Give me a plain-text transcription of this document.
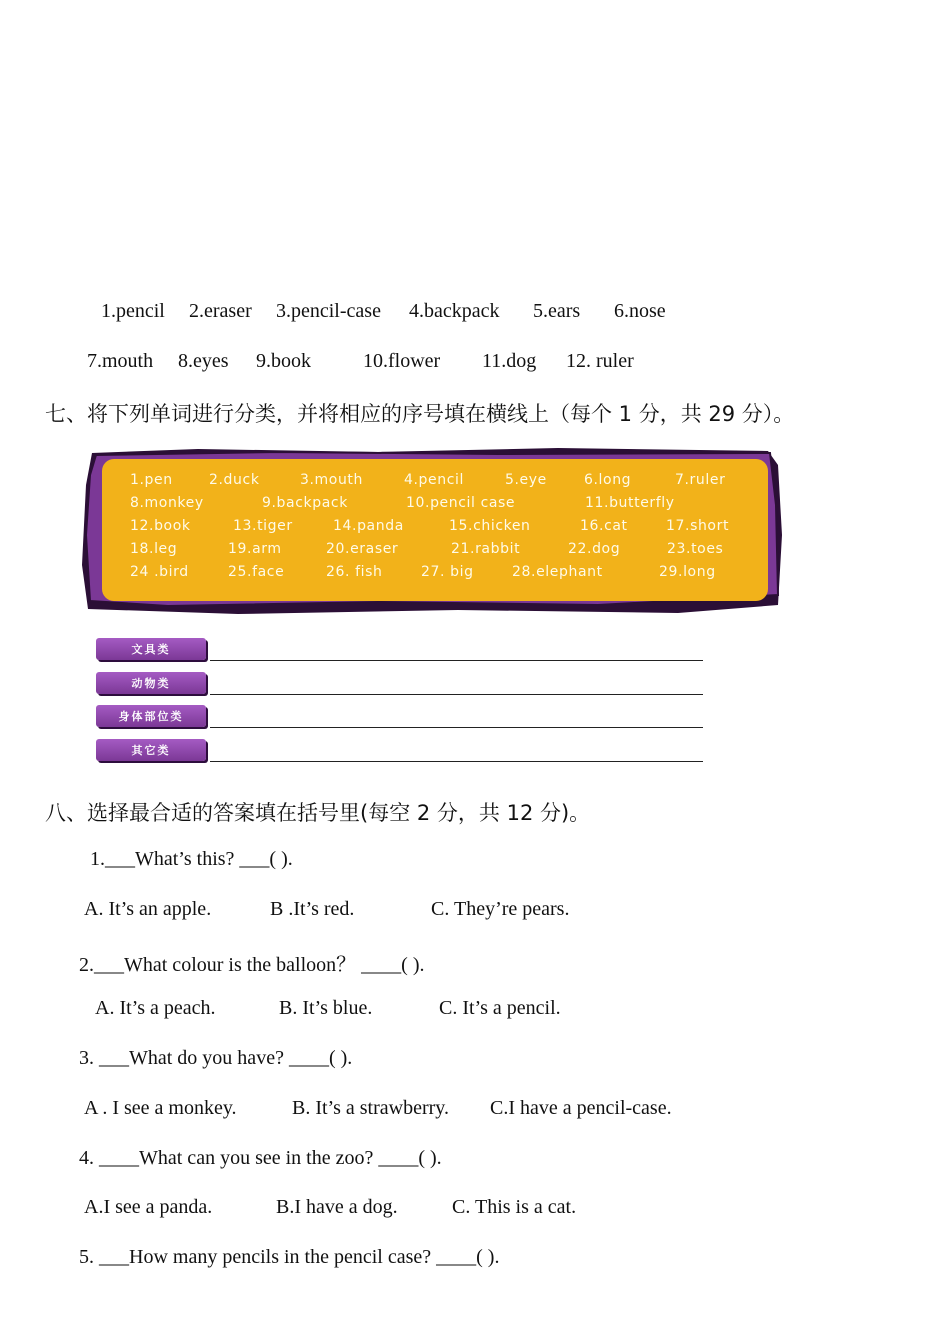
1.pencil 2.eraser 3.pencil-case 4.backpack 5.ears 6.nose
7.mouth 8.eyes 9.book	10.flower 11.dog 12. ruler
七、将下列单词进行分类，并将相应的序号填在横线上（每个 1 分，共 29 分）。
1.pen	2.duck	3.mouth	4.pencil	5.eye	6.long	7.ruler
8.monkey	9.backpack	10.pencil case	11.butterfly
12.book	13.tiger	14.panda	15.chicken	16.cat	17.short
18.leg	19.arm	20.eraser	21.rabbit	22.dog	23.toes
24 .bird	25.face	26. fish	27. big	28.elephant	29.long
文具类
动物类
身体部位类
其它类
八、选择最合适的答案填在括号里(每空 2 分，共 12 分)。
1.___What’s this? ___( ).
A. It’s an apple.	B .It’s red.	C. They’re pears.
2.___What colour is the balloon？ ____( ).
A. It’s a peach.	B. It’s blue.	C. It’s a pencil.
3. ___What do you have? ____( ).
A . I see a monkey.	B. It’s a strawberry. C.I have a pencil-case.
4. ____What can you see in the zoo? ____( ).
A.I see a panda.	B.I have a dog.	C. This is a cat.
5. ___How many pencils in the pencil case? ____( ).
